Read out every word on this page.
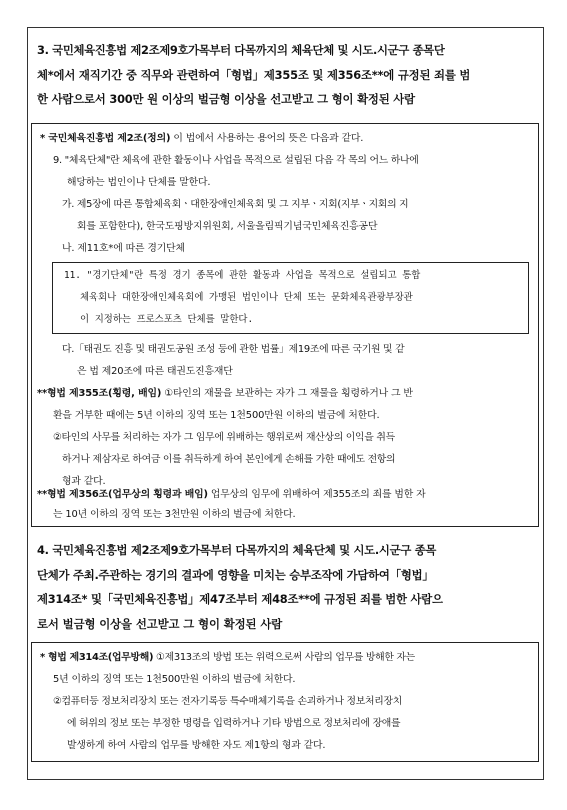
3. 국민체육진흥법 제2조제9호가목부터 다목까지의 체육단체 및 시도.시군구 종목단

체*에서 재직기간 중 직무와 관련하여「형법」제355조 및 제356조**에 규정된 죄를 범

한 사람으로서 300만 원 이상의 벌금형 이상을 선고받고 그 형이 확정된 사람

* 국민체육진흥법 제2조(정의) 이 법에서 사용하는 용어의 뜻은 다음과 같다.

9. "체육단체"란 체육에 관한 활동이나 사업을 목적으로 설립된 다음 각 목의 어느 하나에

해당하는 법인이나 단체를 말한다.

가. 제5장에 따른 통합체육회ㆍ대한장애인체육회 및 그 지부ㆍ지회(지부ㆍ지회의 지

회를 포함한다), 한국도핑방지위원회, 서울올림픽기념국민체육진흥공단

나. 제11호*에 따른 경기단체

11. "경기단체"란 특정 경기 종목에 관한 활동과 사업을 목적으로 설립되고 통합

체육회나 대한장애인체육회에 가맹된 법인이나 단체 또는 문화체육관광부장관

이 지정하는 프로스포츠 단체를 말한다.

다.「태권도 진흥 및 태권도공원 조성 등에 관한 법률」제19조에 따른 국기원 및 같

은 법 제20조에 따른 태권도진흥재단

**형법 제355조(횡령, 배임) ①타인의 재물을 보관하는 자가 그 재물을 횡령하거나 그 반

환을 거부한 때에는 5년 이하의 징역 또는 1천500만원 이하의 벌금에 처한다.

②타인의 사무를 처리하는 자가 그 임무에 위배하는 행위로써 재산상의 이익을 취득

하거나 제삼자로 하여금 이를 취득하게 하여 본인에게 손해를 가한 때에도 전항의

형과 같다.

**형법 제356조(업무상의 횡령과 배임) 업무상의 임무에 위배하여 제355조의 죄를 범한 자

는 10년 이하의 징역 또는 3천만원 이하의 벌금에 처한다.

4. 국민체육진흥법 제2조제9호가목부터 다목까지의 체육단체 및 시도.시군구 종목

단체가 주최.주관하는 경기의 결과에 영향을 미치는 승부조작에 가담하여「형법」

제314조* 및「국민체육진흥법」제47조부터 제48조**에 규정된 죄를 범한 사람으

로서 벌금형 이상을 선고받고 그 형이 확정된 사람

* 형법 제314조(업무방해) ①제313조의 방법 또는 위력으로써 사람의 업무를 방해한 자는

5년 이하의 징역 또는 1천500만원 이하의 벌금에 처한다.

②컴퓨터등 정보처리장치 또는 전자기록등 특수매체기록을 손괴하거나 정보처리장치

에 허위의 정보 또는 부정한 명령을 입력하거나 기타 방법으로 정보처리에 장애를

발생하게 하여 사람의 업무를 방해한 자도 제1항의 형과 같다.
